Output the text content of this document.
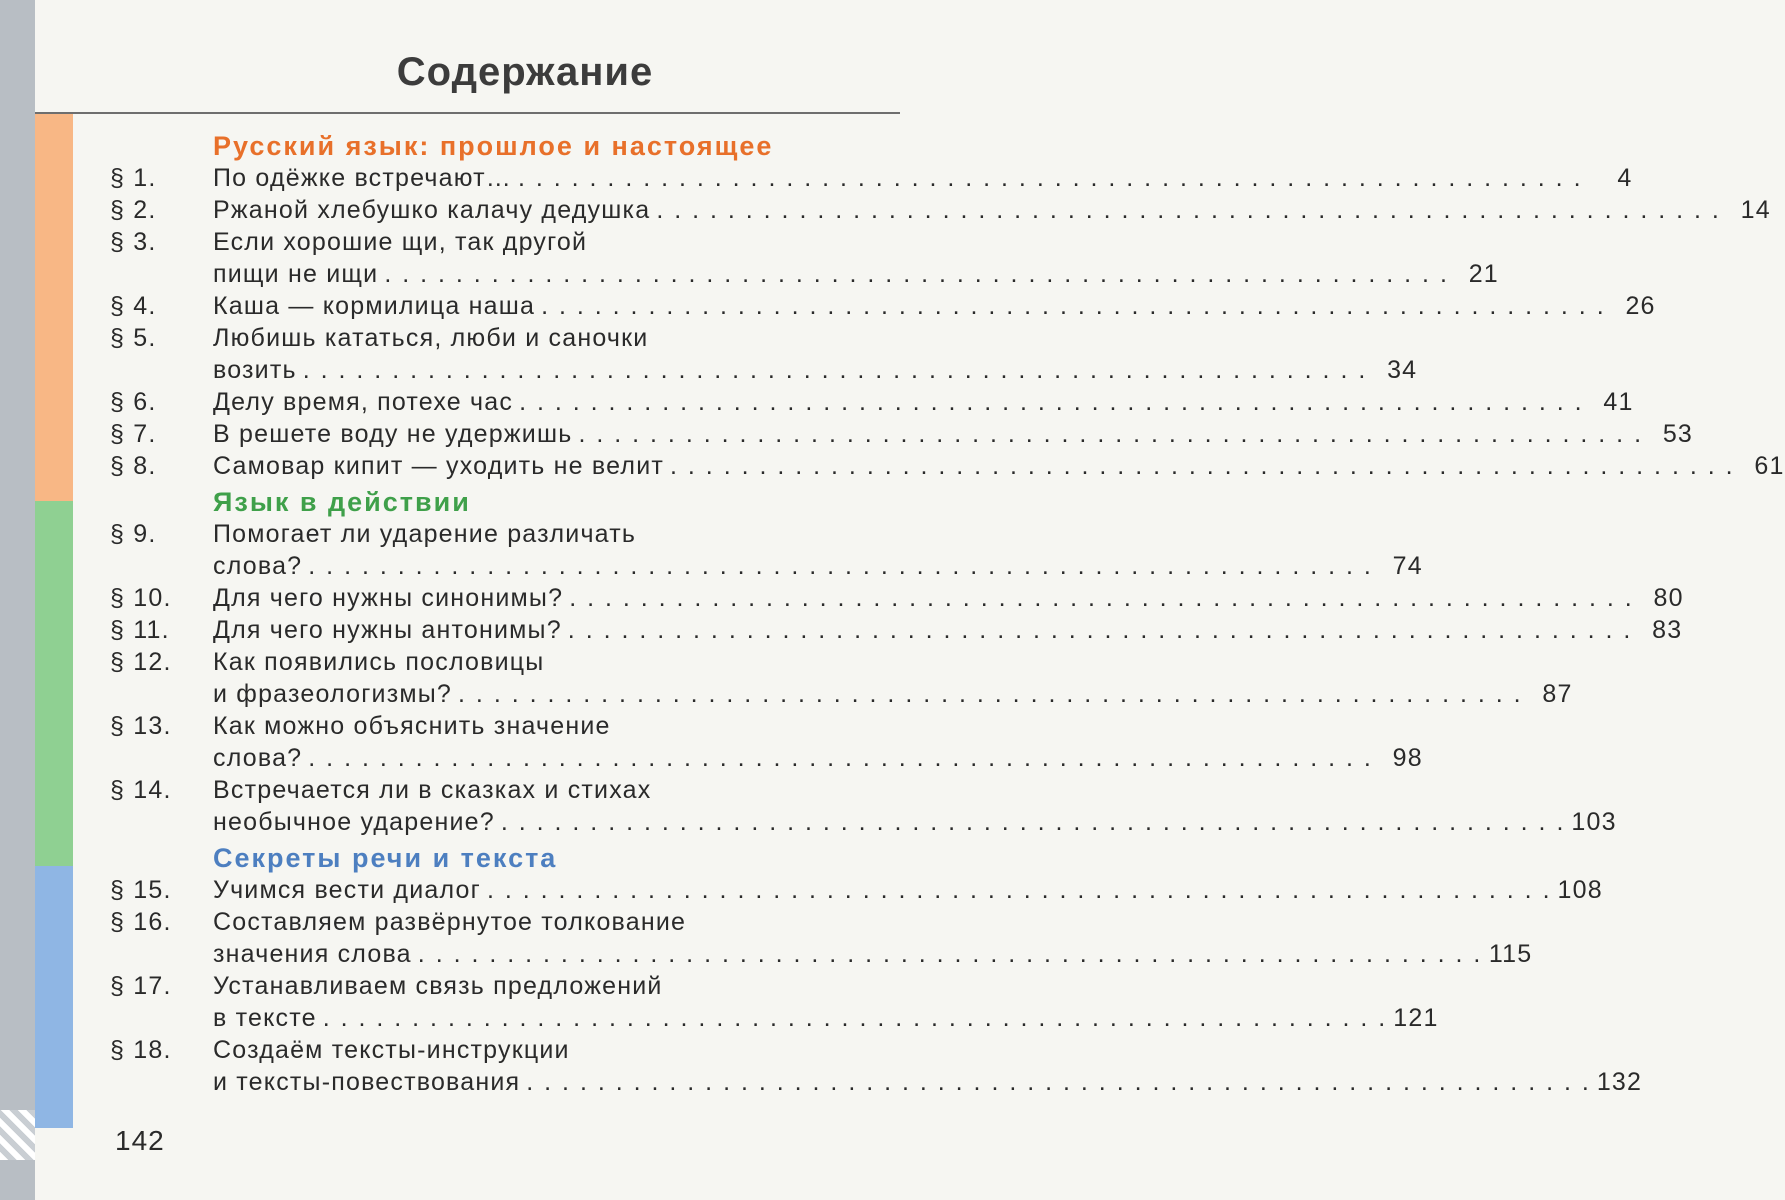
Содержание
Русский язык: прошлое и настоящее
§ 1.	По одёжке встречают… . . .	4
§ 2.	Ржаной хлебушко калачу дедушка . . .	14
§ 3.	Если хорошие щи, так другой
пищи не ищи . . .	21
§ 4.	Каша — кормилица наша . . .	26
§ 5.	Любишь кататься, люби и саночки
возить . . .	34
§ 6.	Делу время, потехе час . . .	41
§ 7.	В решете воду не удержишь . . .	53
§ 8.	Самовар кипит — уходить не велит . . .	61
Язык в действии
§ 9.	Помогает ли ударение различать
слова? . . .	74
§ 10.	Для чего нужны синонимы? . . .	80
§ 11.	Для чего нужны антонимы? . . .	83
§ 12.	Как появились пословицы
и фразеологизмы? . . .	87
§ 13.	Как можно объяснить значение
слова? . . .	98
§ 14.	Встречается ли в сказках и стихах
необычное ударение? . . .	103
Секреты речи и текста
§ 15.	Учимся вести диалог . . .	108
§ 16.	Составляем развёрнутое толкование
значения слова . . .	115
§ 17.	Устанавливаем связь предложений
в тексте . . .	121
§ 18.	Создаём тексты-инструкции
и тексты-повествования . . .	132
142
